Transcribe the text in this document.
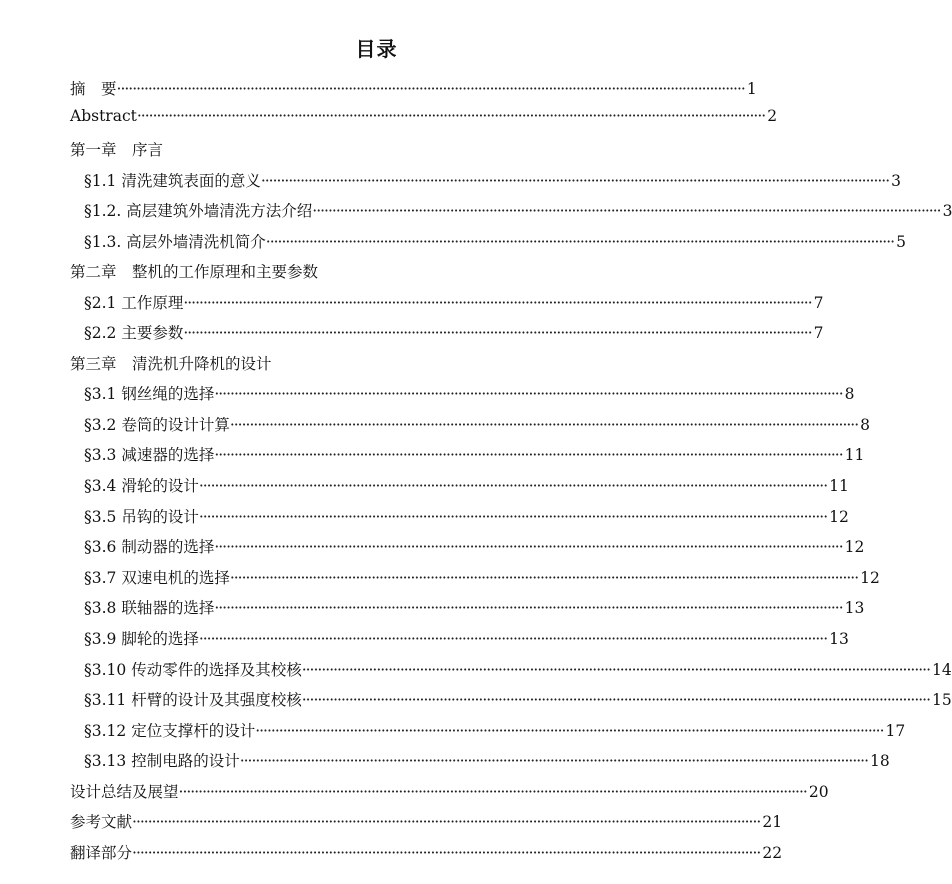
目录
摘　要 ·····	1
Abstract ·····	2
第一章　序言
§1.1 清洗建筑表面的意义 ·····	3
§1.2. 高层建筑外墙清洗方法介绍 ·····	3
§1.3. 高层外墙清洗机简介 ·····	5
第二章　整机的工作原理和主要参数
§2.1 工作原理 ·····	7
§2.2 主要参数 ·····	7
第三章　清洗机升降机的设计
§3.1 钢丝绳的选择 ·····	8
§3.2 卷筒的设计计算 ·····	8
§3.3 减速器的选择 ·····	11
§3.4 滑轮的设计 ·····	11
§3.5 吊钩的设计 ·····	12
§3.6 制动器的选择 ·····	12
§3.7 双速电机的选择 ·····	12
§3.8 联轴器的选择 ·····	13
§3.9 脚轮的选择 ·····	13
§3.10 传动零件的选择及其校核 ·····	14
§3.11 杆臂的设计及其强度校核 ·····	15
§3.12 定位支撑杆的设计 ·····	17
§3.13 控制电路的设计 ·····	18
设计总结及展望 ·····	20
参考文献 ·····	21
翻译部分 ·····	22
